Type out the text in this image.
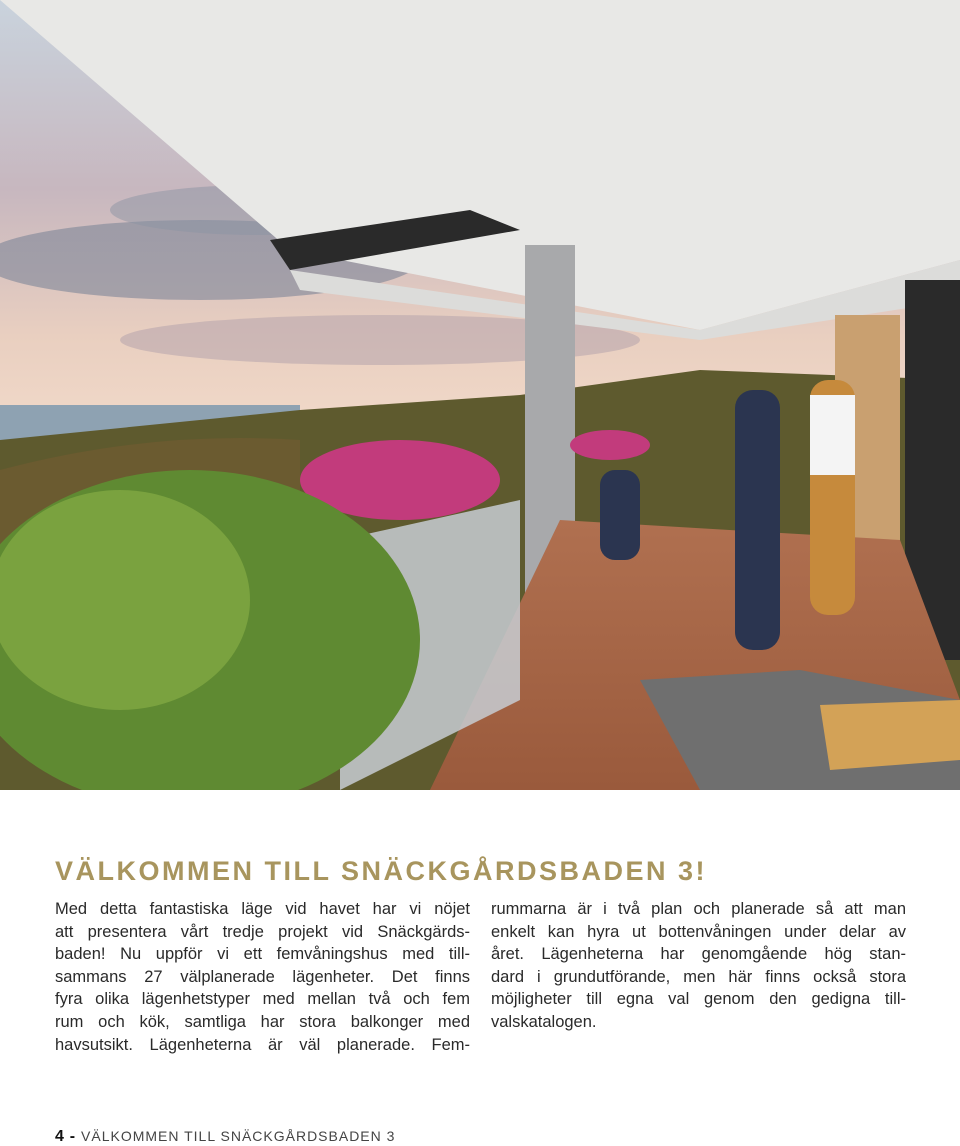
VÄLKOMMEN TILL SNÄCKGÅRDSBADEN 3!
Med detta fantastiska läge vid havet har vi nöjet
att presentera vårt tredje projekt vid Snäckgärds-
baden! Nu uppför vi ett femvåningshus med till-
sammans 27 välplanerade lägenheter. Det finns
fyra olika lägenhetstyper med mellan två och fem
rum och kök, samtliga har stora balkonger med
havsutsikt. Lägenheterna är väl planerade. Fem-
rummarna är i två plan och planerade så att man
enkelt kan hyra ut bottenvåningen under delar av
året. Lägenheterna har genomgående hög stan-
dard i grundutförande, men här finns också stora
möjligheter till egna val genom den gedigna till-
valskatalogen.
4 - VÄLKOMMEN TILL SNÄCKGÅRDSBADEN 3
